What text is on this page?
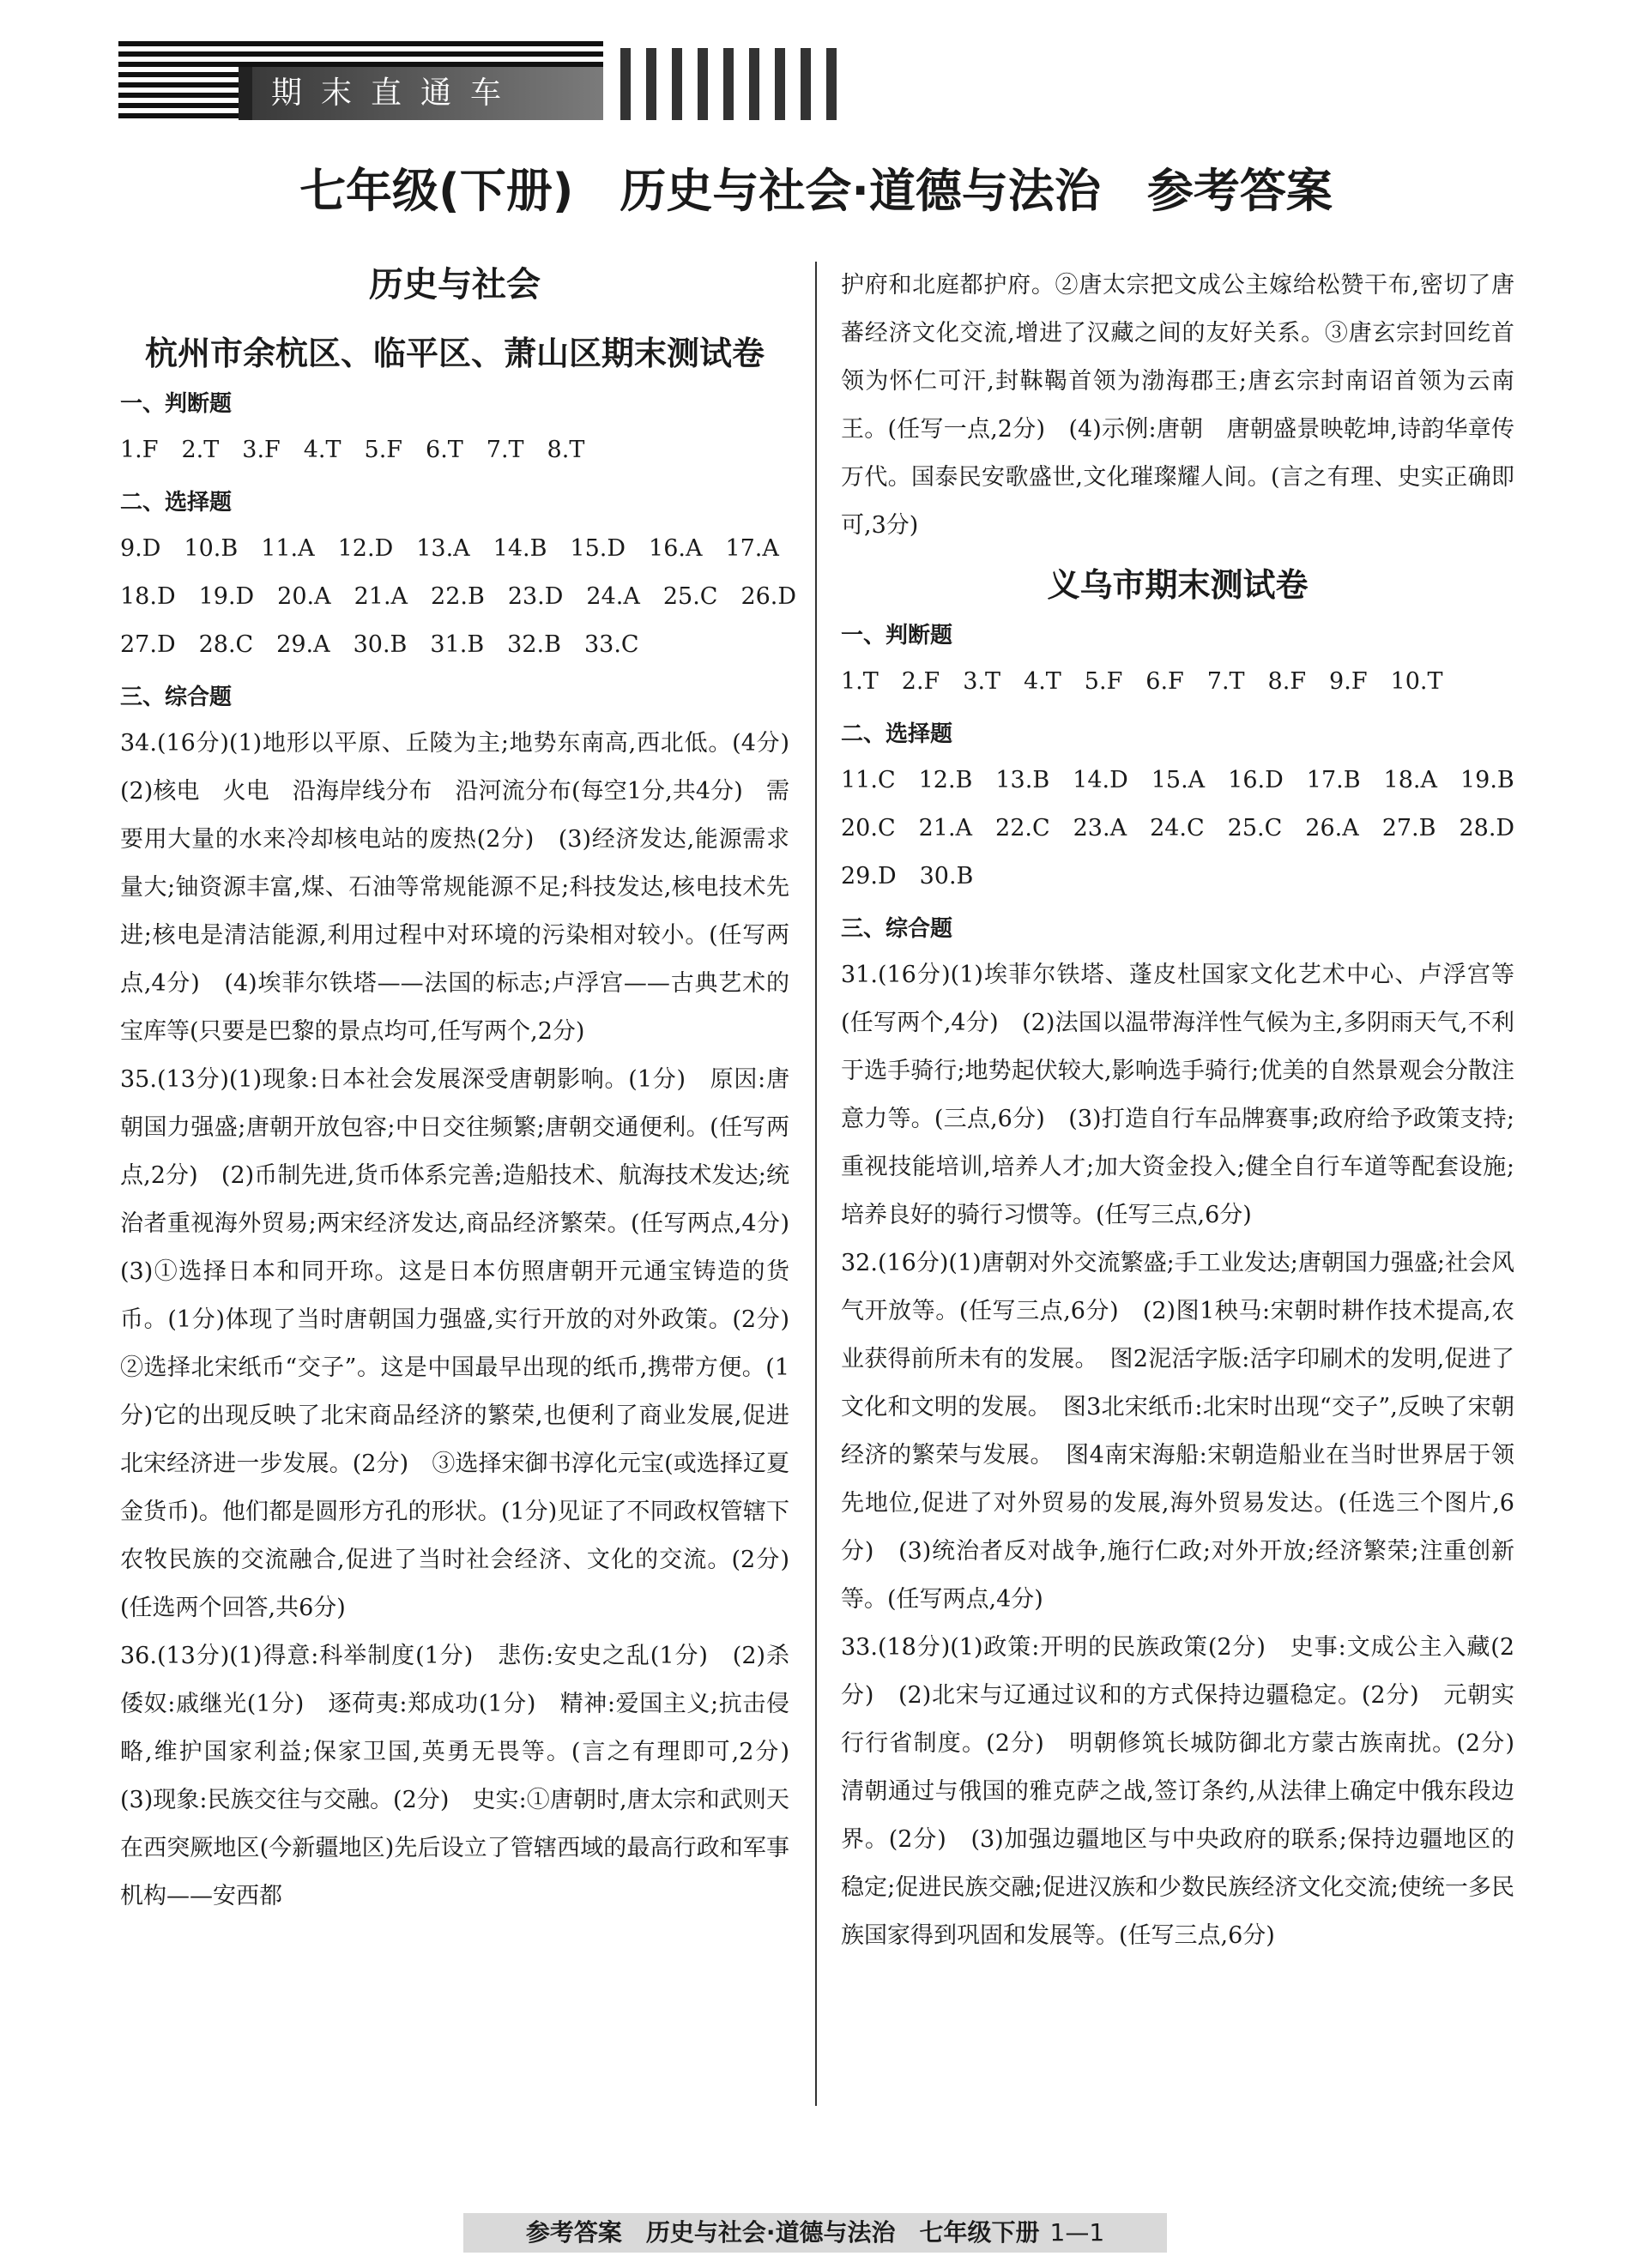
期末直通车
七年级(下册)　历史与社会·道德与法治　参考答案
历史与社会
杭州市余杭区、临平区、萧山区期末测试卷
一、判断题
1.F　2.T　3.F　4.T　5.F　6.T　7.T　8.T
二、选择题
9.D　10.B　11.A　12.D　13.A　14.B　15.D　16.A　17.A
18.D　19.D　20.A　21.A　22.B　23.D　24.A　25.C　26.D
27.D　28.C　29.A　30.B　31.B　32.B　33.C
三、综合题

34.(16分)(1)地形以平原、丘陵为主;地势东南高,西北低。(4分)　(2)核电　火电　沿海岸线分布　沿河流分布(每空1分,共4分)　需要用大量的水来冷却核电站的废热(2分)　(3)经济发达,能源需求量大;铀资源丰富,煤、石油等常规能源不足;科技发达,核电技术先进;核电是清洁能源,利用过程中对环境的污染相对较小。(任写两点,4分)　(4)埃菲尔铁塔——法国的标志;卢浮宫——古典艺术的宝库等(只要是巴黎的景点均可,任写两个,2分)

35.(13分)(1)现象:日本社会发展深受唐朝影响。(1分)　原因:唐朝国力强盛;唐朝开放包容;中日交往频繁;唐朝交通便利。(任写两点,2分)　(2)币制先进,货币体系完善;造船技术、航海技术发达;统治者重视海外贸易;两宋经济发达,商品经济繁荣。(任写两点,4分)　(3)①选择日本和同开珎。这是日本仿照唐朝开元通宝铸造的货币。(1分)体现了当时唐朝国力强盛,实行开放的对外政策。(2分)　②选择北宋纸币“交子”。这是中国最早出现的纸币,携带方便。(1分)它的出现反映了北宋商品经济的繁荣,也便利了商业发展,促进北宋经济进一步发展。(2分)　③选择宋御书淳化元宝(或选择辽夏金货币)。他们都是圆形方孔的形状。(1分)见证了不同政权管辖下农牧民族的交流融合,促进了当时社会经济、文化的交流。(2分)(任选两个回答,共6分)

36.(13分)(1)得意:科举制度(1分)　悲伤:安史之乱(1分)　(2)杀倭奴:戚继光(1分)　逐荷夷:郑成功(1分)　精神:爱国主义;抗击侵略,维护国家利益;保家卫国,英勇无畏等。(言之有理即可,2分)　(3)现象:民族交往与交融。(2分)　史实:①唐朝时,唐太宗和武则天在西突厥地区(今新疆地区)先后设立了管辖西域的最高行政和军事机构——安西都

护府和北庭都护府。②唐太宗把文成公主嫁给松赞干布,密切了唐蕃经济文化交流,增进了汉藏之间的友好关系。③唐玄宗封回纥首领为怀仁可汗,封靺鞨首领为渤海郡王;唐玄宗封南诏首领为云南王。(任写一点,2分)　(4)示例:唐朝　唐朝盛景映乾坤,诗韵华章传万代。国泰民安歌盛世,文化璀璨耀人间。(言之有理、史实正确即可,3分)

义乌市期末测试卷
一、判断题
1.T　2.F　3.T　4.T　5.F　6.F　7.T　8.F　9.F　10.T
二、选择题
11.C　12.B　13.B　14.D　15.A　16.D　17.B　18.A　19.B
20.C　21.A　22.C　23.A　24.C　25.C　26.A　27.B　28.D
29.D　30.B
三、综合题

31.(16分)(1)埃菲尔铁塔、蓬皮杜国家文化艺术中心、卢浮宫等(任写两个,4分)　(2)法国以温带海洋性气候为主,多阴雨天气,不利于选手骑行;地势起伏较大,影响选手骑行;优美的自然景观会分散注意力等。(三点,6分)　(3)打造自行车品牌赛事;政府给予政策支持;重视技能培训,培养人才;加大资金投入;健全自行车道等配套设施;培养良好的骑行习惯等。(任写三点,6分)

32.(16分)(1)唐朝对外交流繁盛;手工业发达;唐朝国力强盛;社会风气开放等。(任写三点,6分)　(2)图1秧马:宋朝时耕作技术提高,农业获得前所未有的发展。　图2泥活字版:活字印刷术的发明,促进了文化和文明的发展。　图3北宋纸币:北宋时出现“交子”,反映了宋朝经济的繁荣与发展。　图4南宋海船:宋朝造船业在当时世界居于领先地位,促进了对外贸易的发展,海外贸易发达。(任选三个图片,6分)　(3)统治者反对战争,施行仁政;对外开放;经济繁荣;注重创新等。(任写两点,4分)

33.(18分)(1)政策:开明的民族政策(2分)　史事:文成公主入藏(2分)　(2)北宋与辽通过议和的方式保持边疆稳定。(2分)　元朝实行行省制度。(2分)　明朝修筑长城防御北方蒙古族南扰。(2分)　清朝通过与俄国的雅克萨之战,签订条约,从法律上确定中俄东段边界。(2分)　(3)加强边疆地区与中央政府的联系;保持边疆地区的稳定;促进民族交融;促进汉族和少数民族经济文化交流;使统一多民族国家得到巩固和发展等。(任写三点,6分)

参考答案　历史与社会·道德与法治　七年级下册 1—1
